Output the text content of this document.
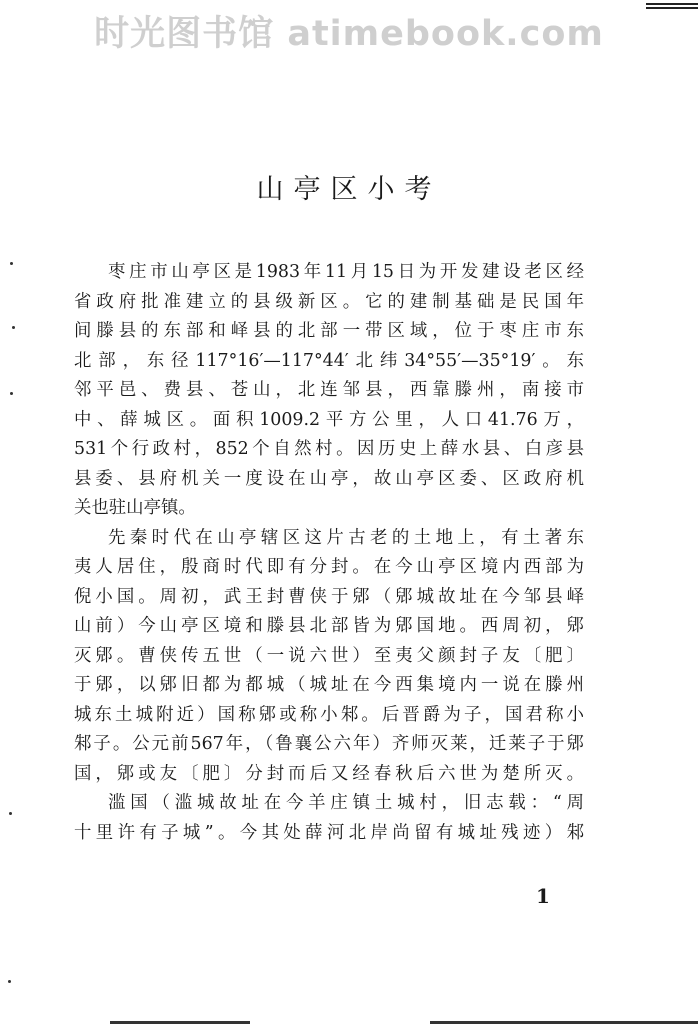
时光图书馆 atimebook.com
山亭区小考
枣庄市山亭区是1983年11月15日为开发建设老区经
省政府批准建立的县级新区。它的建制基础是民国年
间滕县的东部和峄县的北部一带区域，位于枣庄市东
北部，东径117°16′—117°44′北纬34°55′—35°19′。东
邻平邑、费县、苍山，北连邹县，西靠滕州，南接市
中、薛城区。面积1009.2平方公里，人口41.76万，
531个行政村，852个自然村。因历史上薛水县、白彦县
县委、县府机关一度设在山亭，故山亭区委、区政府机
关也驻山亭镇。
先秦时代在山亭辖区这片古老的土地上，有土著东
夷人居住，殷商时代即有分封。在今山亭区境内西部为
倪小国。周初，武王封曹侠于郳（郳城故址在今邹县峄
山前）今山亭区境和滕县北部皆为郳国地。西周初，郳
灭郳。曹侠传五世（一说六世）至夷父颜封子友〔肥〕
于郳，以郳旧都为都城（城址在今西集境内一说在滕州
城东土城附近）国称郳或称小邾。后晋爵为子，国君称小
邾子。公元前567年，（鲁襄公六年）齐师灭莱，迁莱子于郳
国，郳或友〔肥〕分封而后又经春秋后六世为楚所灭。
滥国（滥城故址在今羊庄镇土城村，旧志载：“周
十里许有子城”。今其处薛河北岸尚留有城址残迹）邾
1
